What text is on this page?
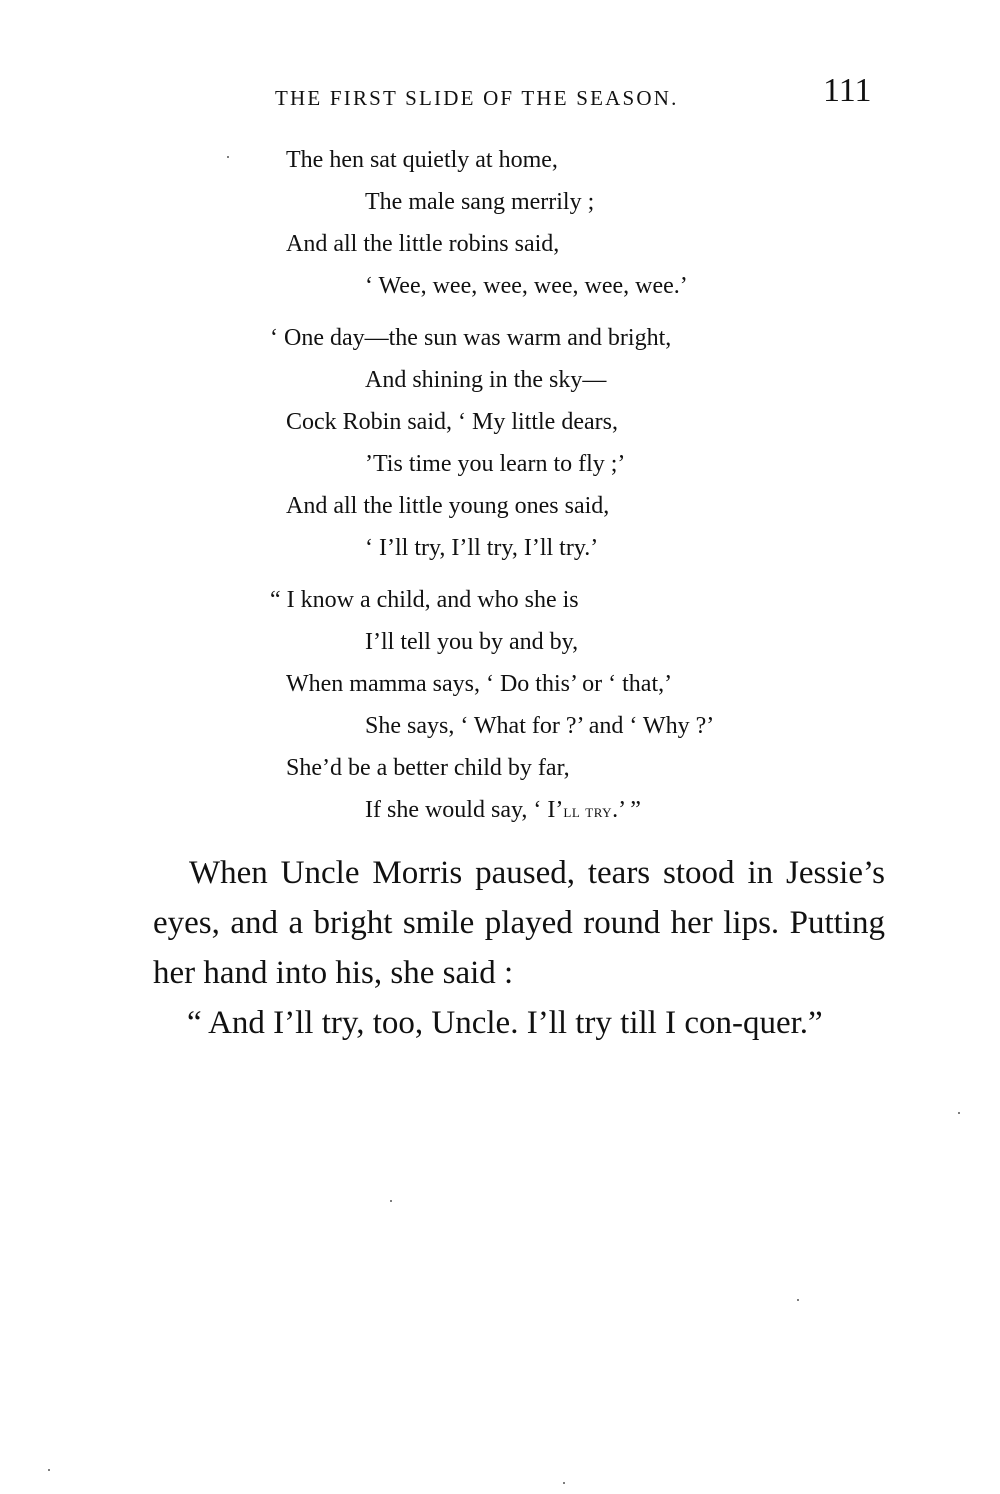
THE FIRST SLIDE OF THE SEASON.	111
The hen sat quietly at home,
The male sang merrily ;
And all the little robins said,
‘ Wee, wee, wee, wee, wee, wee.’
‘ One day—the sun was warm and bright,
And shining in the sky—
Cock Robin said, ‘ My little dears,
’Tis time you learn to fly ;’
And all the little young ones said,
‘ I’ll try, I’ll try, I’ll try.’
“ I know a child, and who she is
I’ll tell you by and by,
When mamma says, ‘ Do this’ or ‘ that,’
She says, ‘ What for ?’ and ‘ Why ?’
She’d be a better child by far,
If she would say, ‘ I’ll try.’ ”

When Uncle Morris paused, tears stood in Jessie’s eyes, and a bright smile played round her lips. Putting her hand into his, she said :

“ And I’ll try, too, Uncle. I’ll try till I con-quer.”
